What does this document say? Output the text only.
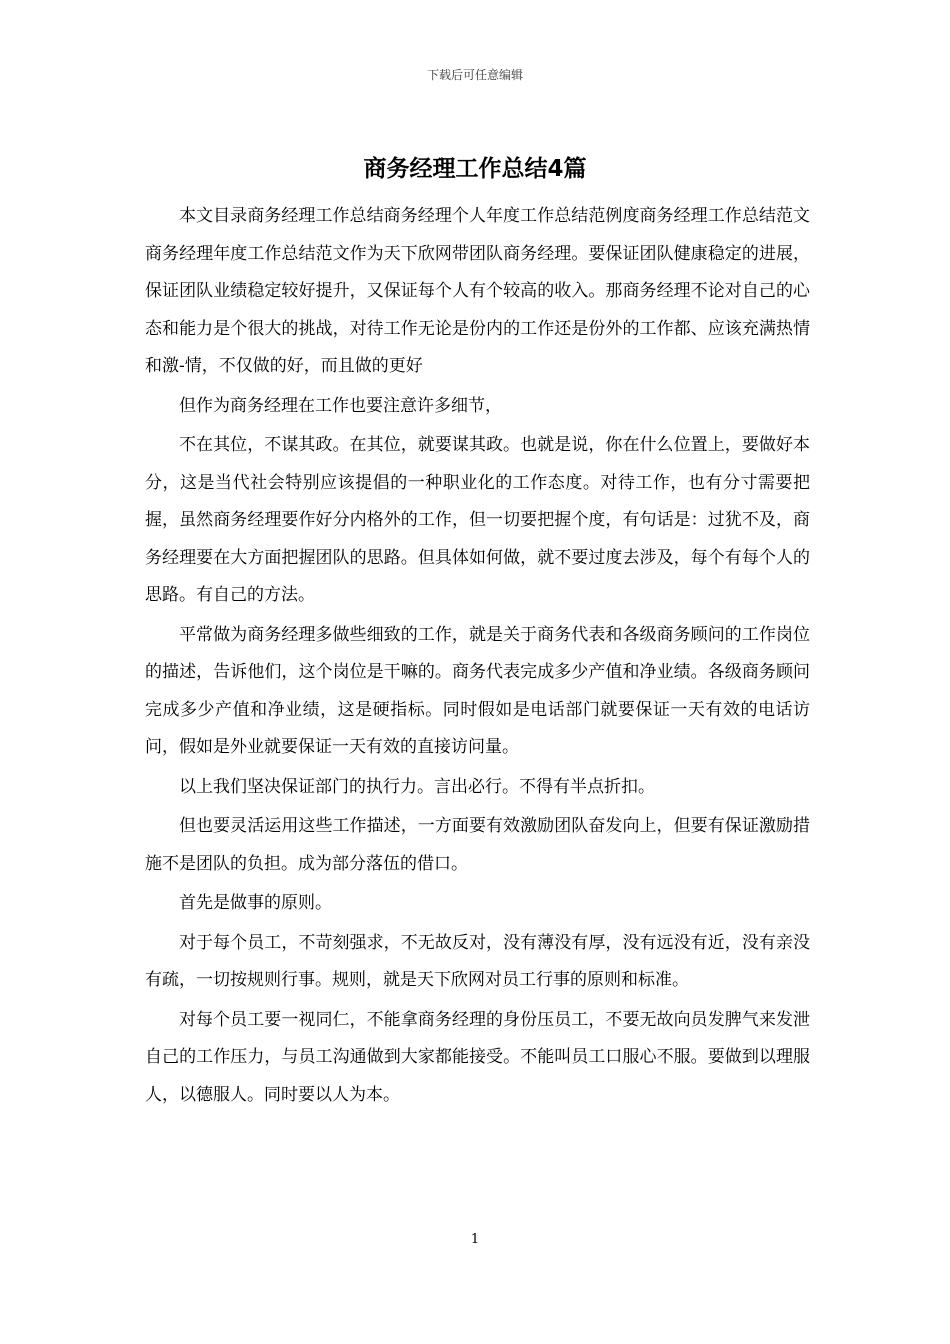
下载后可任意编辑
商务经理工作总结4篇

本文目录商务经理工作总结商务经理个人年度工作总结范例度商务经理工作总结范文商务经理年度工作总结范文作为天下欣网带团队商务经理。要保证团队健康稳定的进展，保证团队业绩稳定较好提升，又保证每个人有个较高的收入。那商务经理不论对自己的心态和能力是个很大的挑战，对待工作无论是份内的工作还是份外的工作都、应该充满热情和激-情，不仅做的好，而且做的更好

但作为商务经理在工作也要注意许多细节，

不在其位，不谋其政。在其位，就要谋其政。也就是说，你在什么位置上，要做好本分，这是当代社会特别应该提倡的一种职业化的工作态度。对待工作，也有分寸需要把握，虽然商务经理要作好分内格外的工作，但一切要把握个度，有句话是：过犹不及，商务经理要在大方面把握团队的思路。但具体如何做，就不要过度去涉及，每个有每个人的思路。有自己的方法。

平常做为商务经理多做些细致的工作，就是关于商务代表和各级商务顾问的工作岗位的描述，告诉他们，这个岗位是干嘛的。商务代表完成多少产值和净业绩。各级商务顾问完成多少产值和净业绩，这是硬指标。同时假如是电话部门就要保证一天有效的电话访问，假如是外业就要保证一天有效的直接访问量。

以上我们坚决保证部门的执行力。言出必行。不得有半点折扣。

但也要灵活运用这些工作描述，一方面要有效激励团队奋发向上，但要有保证激励措施不是团队的负担。成为部分落伍的借口。

首先是做事的原则。

对于每个员工，不苛刻强求，不无故反对，没有薄没有厚，没有远没有近，没有亲没有疏，一切按规则行事。规则，就是天下欣网对员工行事的原则和标准。

对每个员工要一视同仁，不能拿商务经理的身份压员工，不要无故向员发脾气来发泄自己的工作压力，与员工沟通做到大家都能接受。不能叫员工口服心不服。要做到以理服人，以德服人。同时要以人为本。

1
